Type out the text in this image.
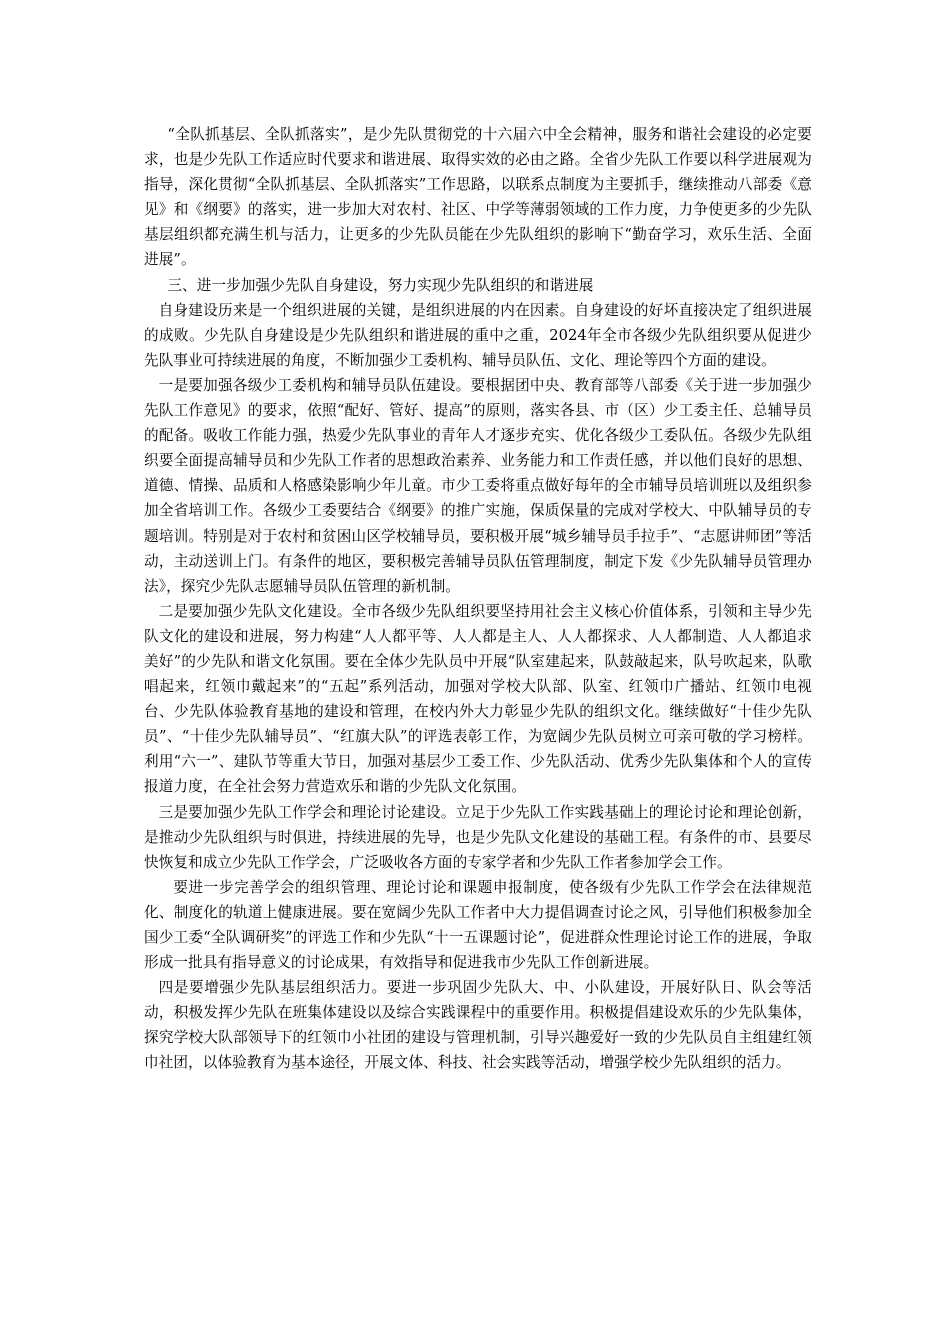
“全队抓基层、全队抓落实”，是少先队贯彻党的十六届六中全会精神，服务和谐社会建设的必定要求，也是少先队工作适应时代要求和谐进展、取得实效的必由之路。全省少先队工作要以科学进展观为指导，深化贯彻“全队抓基层、全队抓落实”工作思路，以联系点制度为主要抓手，继续推动八部委《意见》和《纲要》的落实，进一步加大对农村、社区、中学等薄弱领域的工作力度，力争使更多的少先队基层组织都充满生机与活力，让更多的少先队员能在少先队组织的影响下“勤奋学习，欢乐生活、全面进展”。

三、进一步加强少先队自身建设，努力实现少先队组织的和谐进展

自身建设历来是一个组织进展的关键，是组织进展的内在因素。自身建设的好坏直接决定了组织进展的成败。少先队自身建设是少先队组织和谐进展的重中之重，2024年全市各级少先队组织要从促进少先队事业可持续进展的角度，不断加强少工委机构、辅导员队伍、文化、理论等四个方面的建设。

一是要加强各级少工委机构和辅导员队伍建设。要根据团中央、教育部等八部委《关于进一步加强少先队工作意见》的要求，依照“配好、管好、提高”的原则，落实各县、市（区）少工委主任、总辅导员的配备。吸收工作能力强，热爱少先队事业的青年人才逐步充实、优化各级少工委队伍。各级少先队组织要全面提高辅导员和少先队工作者的思想政治素养、业务能力和工作责任感，并以他们良好的思想、道德、情操、品质和人格感染影响少年儿童。市少工委将重点做好每年的全市辅导员培训班以及组织参加全省培训工作。各级少工委要结合《纲要》的推广实施，保质保量的完成对学校大、中队辅导员的专题培训。特别是对于农村和贫困山区学校辅导员，要积极开展“城乡辅导员手拉手”、“志愿讲师团”等活动，主动送训上门。有条件的地区，要积极完善辅导员队伍管理制度，制定下发《少先队辅导员管理办法》，探究少先队志愿辅导员队伍管理的新机制。

二是要加强少先队文化建设。全市各级少先队组织要坚持用社会主义核心价值体系，引领和主导少先队文化的建设和进展，努力构建“人人都平等、人人都是主人、人人都探求、人人都制造、人人都追求美好”的少先队和谐文化氛围。要在全体少先队员中开展“队室建起来，队鼓敲起来，队号吹起来，队歌唱起来，红领巾戴起来”的“五起”系列活动，加强对学校大队部、队室、红领巾广播站、红领巾电视台、少先队体验教育基地的建设和管理，在校内外大力彰显少先队的组织文化。继续做好“十佳少先队员”、“十佳少先队辅导员”、“红旗大队”的评选表彰工作，为宽阔少先队员树立可亲可敬的学习榜样。利用“六一”、建队节等重大节日，加强对基层少工委工作、少先队活动、优秀少先队集体和个人的宣传报道力度，在全社会努力营造欢乐和谐的少先队文化氛围。

三是要加强少先队工作学会和理论讨论建设。立足于少先队工作实践基础上的理论讨论和理论创新，是推动少先队组织与时俱进，持续进展的先导，也是少先队文化建设的基础工程。有条件的市、县要尽快恢复和成立少先队工作学会，广泛吸收各方面的专家学者和少先队工作者参加学会工作。

要进一步完善学会的组织管理、理论讨论和课题申报制度，使各级有少先队工作学会在法律规范化、制度化的轨道上健康进展。要在宽阔少先队工作者中大力提倡调查讨论之风，引导他们积极参加全国少工委“全队调研奖”的评选工作和少先队“十一五课题讨论”，促进群众性理论讨论工作的进展，争取形成一批具有指导意义的讨论成果，有效指导和促进我市少先队工作创新进展。

四是要增强少先队基层组织活力。要进一步巩固少先队大、中、小队建设，开展好队日、队会等活动，积极发挥少先队在班集体建设以及综合实践课程中的重要作用。积极提倡建设欢乐的少先队集体，探究学校大队部领导下的红领巾小社团的建设与管理机制，引导兴趣爱好一致的少先队员自主组建红领巾社团，以体验教育为基本途径，开展文体、科技、社会实践等活动，增强学校少先队组织的活力。
